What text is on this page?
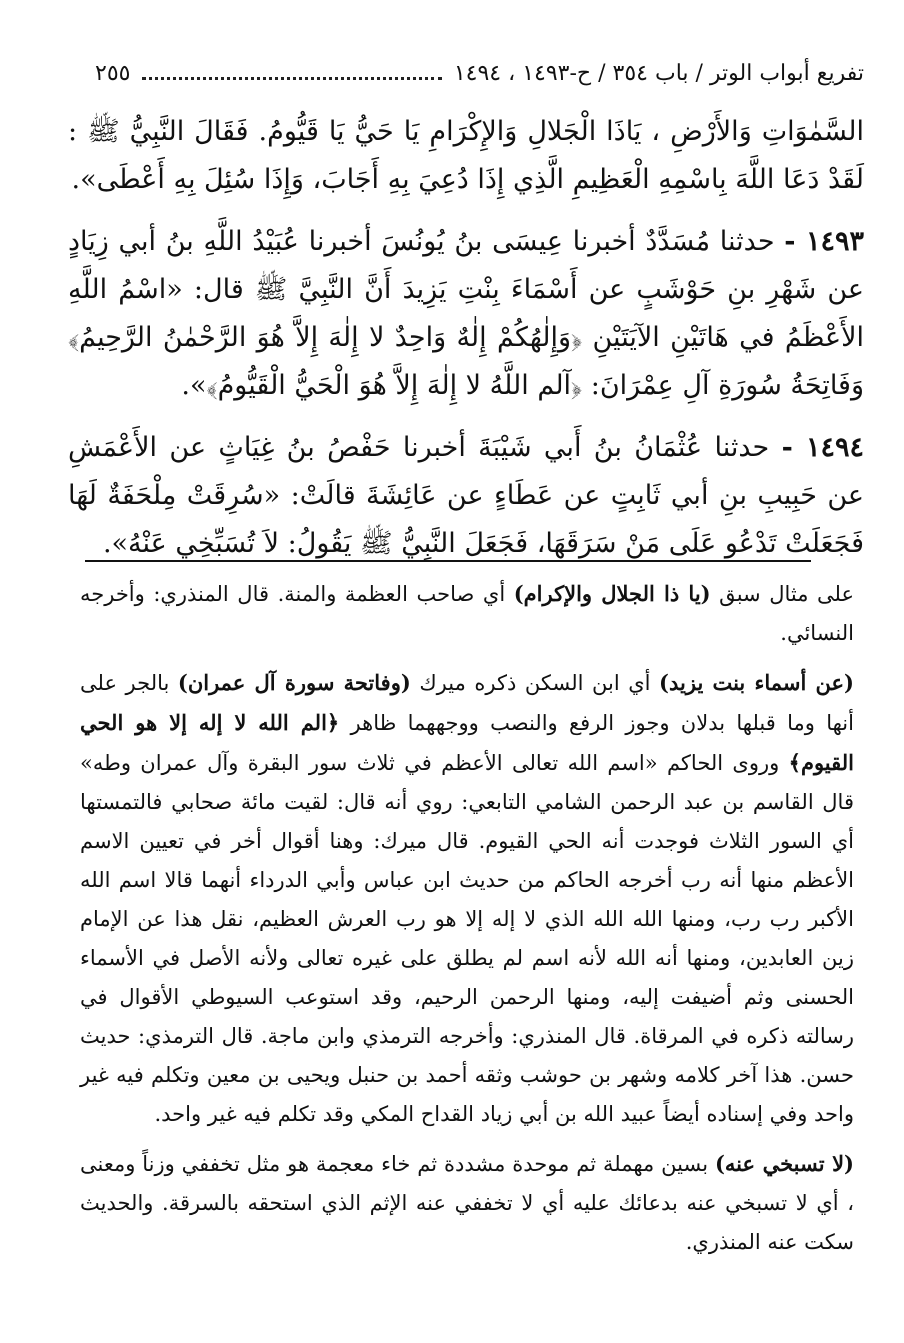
تفريع أبواب الوتر / باب ٣٥٤ / ح-١٤٩٣ ، ١٤٩٤
٢٥٥

السَّمٰوَاتِ وَالأَرْضِ ، يَاذَا الْجَلالِ وَالإِكْرَامِ يَا حَيُّ يَا قَيُّومُ. فَقَالَ النَّبِيُّ ﷺ : لَقَدْ دَعَا اللَّهَ بِاسْمِهِ الْعَظِيمِ الَّذِي إِذَا دُعِيَ بِهِ أَجَابَ، وَإِذَا سُئِلَ بِهِ أَعْطَى».

١٤٩٣ - حدثنا مُسَدَّدٌ أخبرنا عِيسَى بنُ يُونُسَ أخبرنا عُبَيْدُ اللَّهِ بنُ أبي زِيَادٍ عن شَهْرِ بنِ حَوْشَبٍ عن أَسْمَاءَ بِنْتِ يَزِيدَ أَنَّ النَّبِيَّ ﷺ قال: «اسْمُ اللَّهِ الأَعْظَمُ في هَاتَيْنِ الآيَتَيْنِ ﴿وَإِلٰهُكُمْ إِلٰهٌ وَاحِدٌ لا إِلٰهَ إِلاَّ هُوَ الرَّحْمٰنُ الرَّحِيمُ﴾ وَفَاتِحَةُ سُورَةِ آلِ عِمْرَانَ: ﴿آلم اللَّهُ لا إِلٰهَ إِلاَّ هُوَ الْحَيُّ الْقَيُّومُ﴾».

١٤٩٤ - حدثنا عُثْمَانُ بنُ أَبي شَيْبَةَ أخبرنا حَفْصُ بنُ غِيَاثٍ عن الأَعْمَشِ عن حَبِيبِ بنِ أبي ثَابِتٍ عن عَطَاءٍ عن عَائِشَةَ قالَتْ: «سُرِقَتْ مِلْحَفَةٌ لَهَا فَجَعَلَتْ تَدْعُو عَلَى مَنْ سَرَقَهَا، فَجَعَلَ النَّبِيُّ ﷺ يَقُولُ: لاَ تُسَبِّخِي عَنْهُ».

على مثال سبق (يا ذا الجلال والإكرام) أي صاحب العظمة والمنة. قال المنذري: وأخرجه النسائي.

(عن أسماء بنت يزيد) أي ابن السكن ذكره ميرك (وفاتحة سورة آل عمران) بالجر على أنها وما قبلها بدلان وجوز الرفع والنصب ووجههما ظاهر ﴿الم الله لا إله إلا هو الحي القيوم﴾ وروى الحاكم «اسم الله تعالى الأعظم في ثلاث سور البقرة وآل عمران وطه» قال القاسم بن عبد الرحمن الشامي التابعي: روي أنه قال: لقيت مائة صحابي فالتمستها أي السور الثلاث فوجدت أنه الحي القيوم. قال ميرك: وهنا أقوال أخر في تعيين الاسم الأعظم منها أنه رب أخرجه الحاكم من حديث ابن عباس وأبي الدرداء أنهما قالا اسم الله الأكبر رب رب، ومنها الله الله الذي لا إله إلا هو رب العرش العظيم، نقل هذا عن الإمام زين العابدين، ومنها أنه الله لأنه اسم لم يطلق على غيره تعالى ولأنه الأصل في الأسماء الحسنى وثم أضيفت إليه، ومنها الرحمن الرحيم، وقد استوعب السيوطي الأقوال في رسالته ذكره في المرقاة. قال المنذري: وأخرجه الترمذي وابن ماجة. قال الترمذي: حديث حسن. هذا آخر كلامه وشهر بن حوشب وثقه أحمد بن حنبل ويحيى بن معين وتكلم فيه غير واحد وفي إسناده أيضاً عبيد الله بن أبي زياد القداح المكي وقد تكلم فيه غير واحد.

(لا تسبخي عنه) بسين مهملة ثم موحدة مشددة ثم خاء معجمة هو مثل تخففي وزناً ومعنى ، أي لا تسبخي عنه بدعائك عليه أي لا تخففي عنه الإثم الذي استحقه بالسرقة. والحديث سكت عنه المنذري.
